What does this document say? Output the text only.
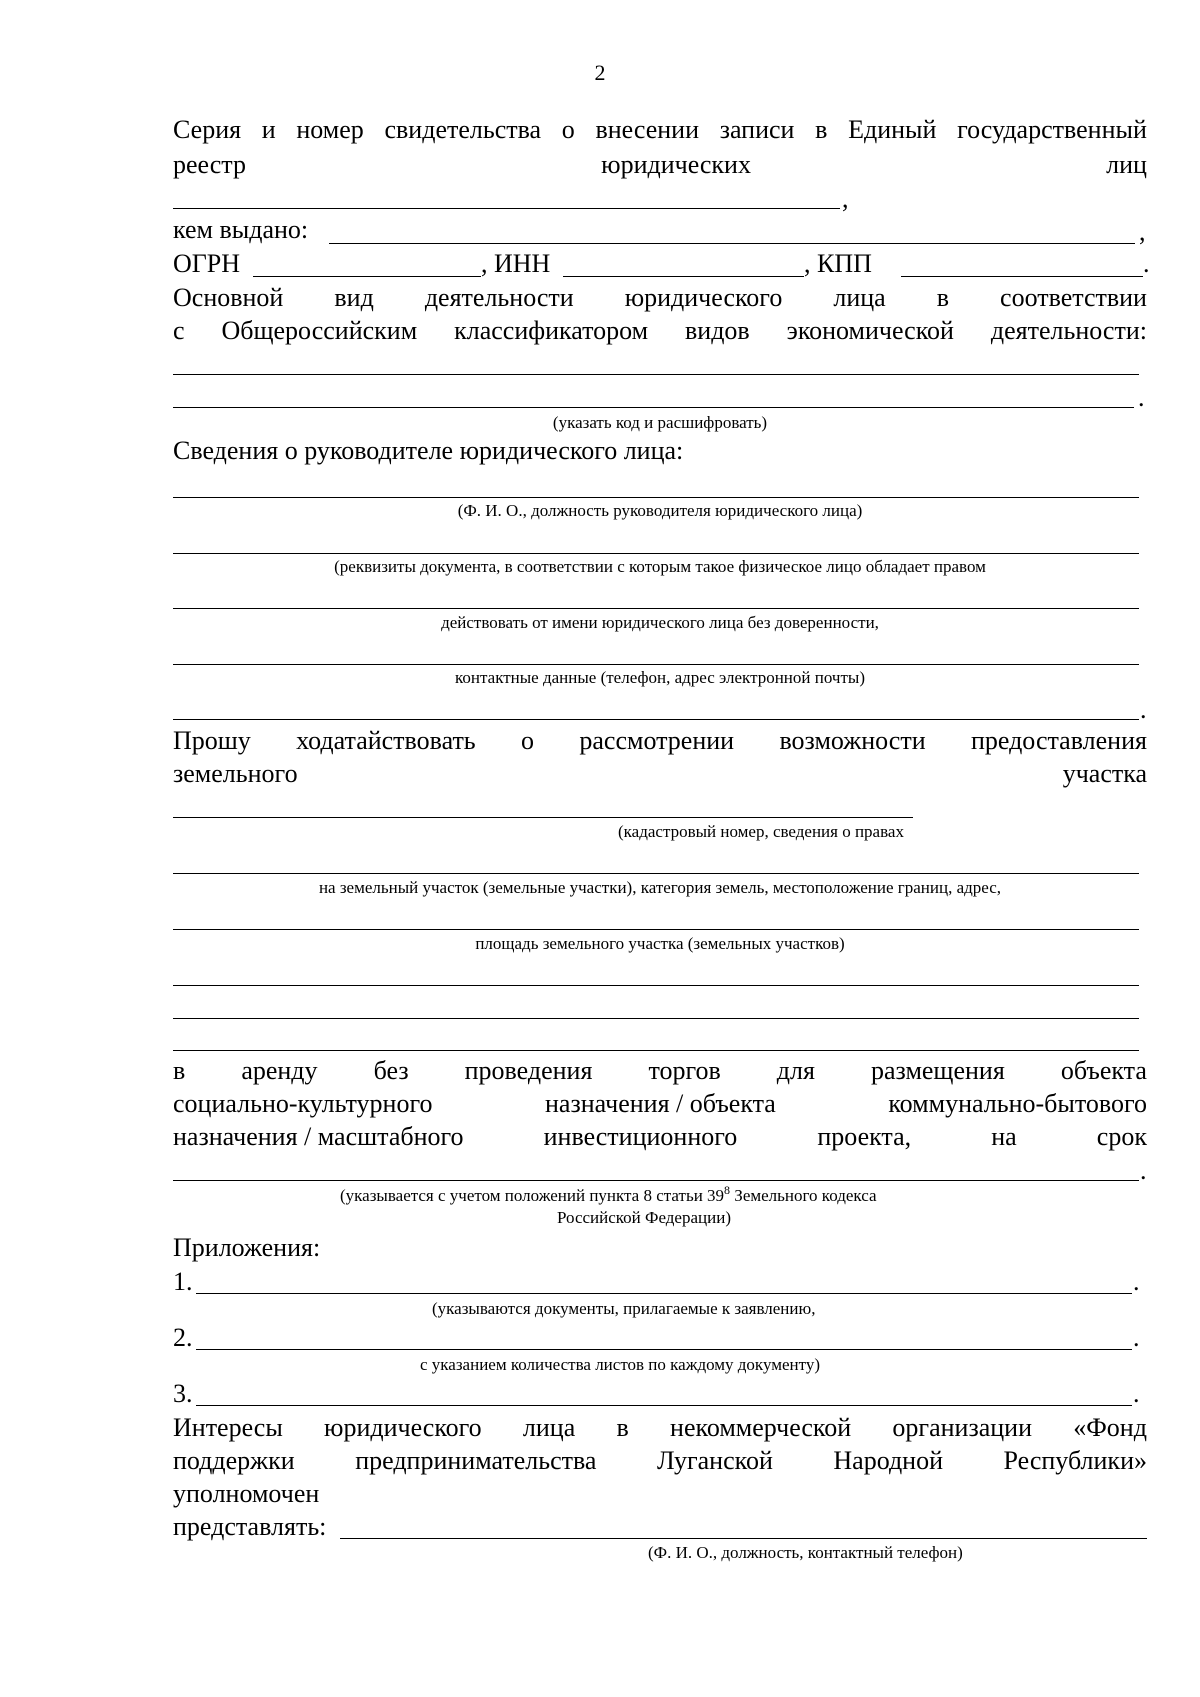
2
Серия и номер свидетельства о внесении записи в Единый государственный
реестр	юридических	лиц
,
кем выдано:	,
ОГРН	, ИНН	, КПП	.
Основной вид деятельности юридического лица в соответствии
с Общероссийским классификатором видов экономической деятельности:
.
(указать код и расшифровать)
Сведения о руководителе юридического лица:
(Ф. И. О., должность руководителя юридического лица)
(реквизиты документа, в соответствии с которым такое физическое лицо обладает правом
действовать от имени юридического лица без доверенности,
контактные данные (телефон, адрес электронной почты)
.
Прошу ходатайствовать о рассмотрении возможности предоставления
земельного	участка
(кадастровый номер, сведения о правах
на земельный участок (земельные участки), категория земель, местоположение границ, адрес,
площадь земельного участка (земельных участков)
в аренду без проведения торгов для размещения объекта
социально-культурного	назначения / объекта	коммунально-бытового
назначения / масштабного	инвестиционного	проекта,	на	срок
.
(указывается с учетом положений пункта 8 статьи $39^8$ Земельного кодекса
Российской Федерации)
Приложения:
1.	.
(указываются документы, прилагаемые к заявлению,
2.	.
с указанием количества листов по каждому документу)
3.	.
Интересы юридического лица в некоммерческой организации «Фонд
поддержки предпринимательства Луганской Народной Республики»
уполномочен
представлять:
(Ф. И. О., должность, контактный телефон)
